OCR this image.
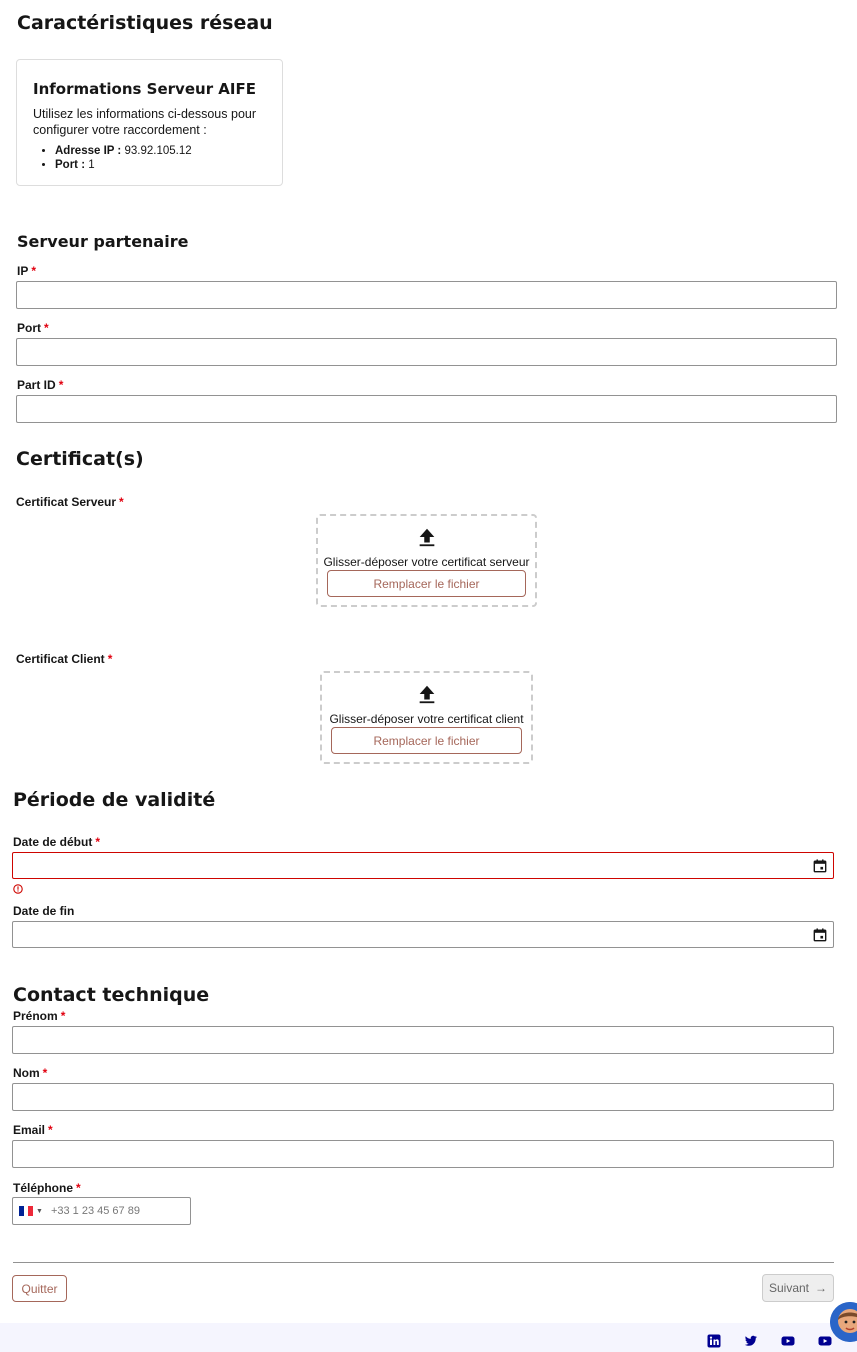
Caractéristiques réseau
Informations Serveur AIFE
Utilisez les informations ci-dessous pour configurer votre raccordement :
• Adresse IP : 93.92.105.12
• Port : 1
Serveur partenaire
IP *
Port *
Part ID *
Certificat(s)
Certificat Serveur *
Glisser-déposer votre certificat serveur
Remplacer le fichier
Certificat Client *
Glisser-déposer votre certificat client
Remplacer le fichier
Période de validité
Date de début *
Date de fin
Contact technique
Prénom *
Nom *
Email *
Téléphone *
▼
+33 1 23 45 67 89
Quitter	Suivant →
